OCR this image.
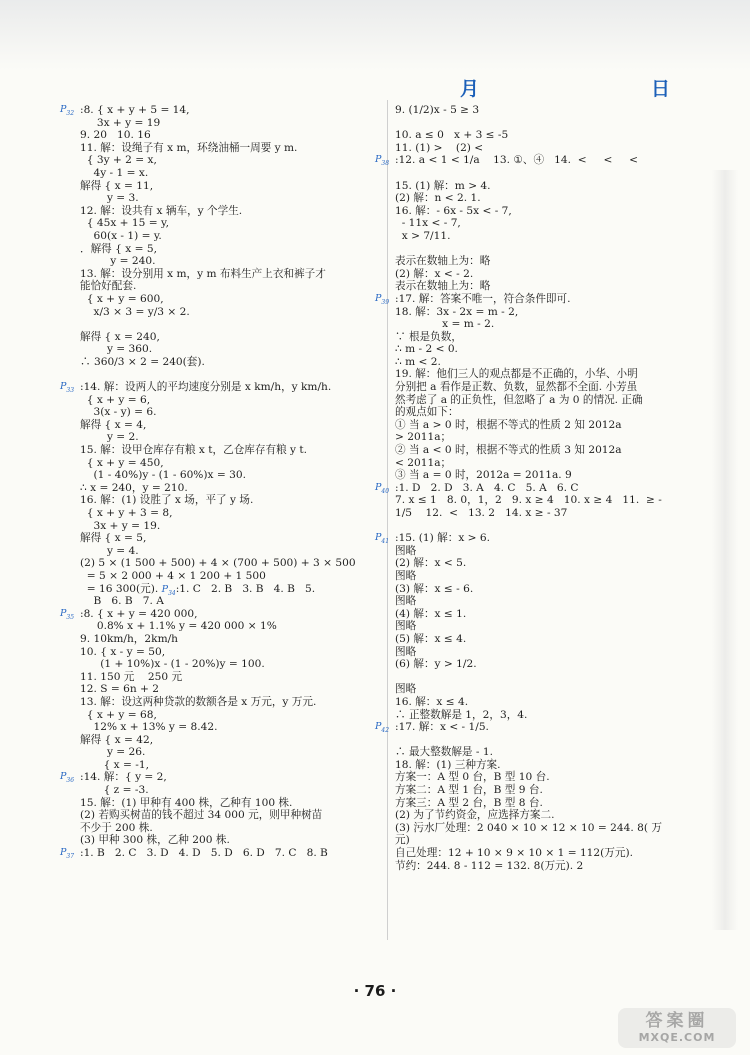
月	日
$P_{32}$ :8. { x + y + 5 = 14,
3x + y = 19
9. 20   10. 16
11. 解：设绳子有 x m，环绕油桶一周要 y m.
{ 3y + 2 = x,
4y - 1 = x.
解得 { x = 11,
y = 3.
12. 解：设共有 x 辆车，y 个学生.
{ 45x + 15 = y,
60(x - 1) = y.
．解得 { x = 5,
y = 240.
13. 解：设分别用 x m，y m 布料生产上衣和裤子才
能恰好配套.
{ x + y = 600,
x/3 × 3 = y/3 × 2.
解得 { x = 240,
y = 360.
∴ 360/3 × 2 = 240(套).
$P_{33}$ :14. 解：设两人的平均速度分别是 x km/h，y km/h.
{ x + y = 6,
3(x - y) = 6.
解得 { x = 4,
y = 2.
15. 解：设甲仓库存有粮 x t，乙仓库存有粮 y t.
{ x + y = 450,
(1 - 40%)y - (1 - 60%)x = 30.
∴ x = 240，y = 210.
16. 解：(1) 设胜了 x 场，平了 y 场.
{ x + y + 3 = 8,
3x + y = 19.
解得 { x = 5,
y = 4.
(2) 5 × (1 500 + 500) + 4 × (700 + 500) + 3 × 500
= 5 × 2 000 + 4 × 1 200 + 1 500
= 16 300(元). $P_{34}:1$. C   2. B   3. B   4. B   5.
B   6. B   7. A
$P_{35}$ :8. { x + y = 420 000,
0.8% x + 1.1% y = 420 000 × 1%
9. 10km/h，2km/h
10. { x - y = 50,
(1 + 10%)x - (1 - 20%)y = 100.
11. 150 元    250 元
12. S = 6n + 2
13. 解：设这两种贷款的数额各是 x 万元，y 万元.
{ x + y = 68,
12% x + 13% y = 8.42.
解得 { x = 42,
y = 26.
{ x = -1,
$P_{36}$ :14. 解：{ y = 2,
{ z = -3.
15. 解：(1) 甲种有 400 株，乙种有 100 株.
(2) 若购买树苗的钱不超过 34 000 元，则甲种树苗
不少于 200 株.
(3) 甲种 300 株，乙种 200 株.
$P_{37}$ :1. B   2. C   3. D   4. D   5. D   6. D   7. C   8. B
9. (1/2)x - 5 ≥ 3
10. a ≤ 0   x + 3 ≤ -5
11. (1) >    (2) <
$P_{38}$ :12. a < 1 < 1/a    13. ①、④   14.  <     <     <
15. (1) 解：m > 4.
(2) 解：n < 2. 1.
16. 解：- 6x - 5x < - 7,
- 11x < - 7,
x > 7/11.
表示在数轴上为：略
(2) 解：x < - 2.
表示在数轴上为：略
$P_{39}$ :17. 解：答案不唯一，符合条件即可.
18. 解：3x - 2x = m - 2,
x = m - 2.
∵ 根是负数，
∴ m - 2 < 0.
∴ m < 2.
19. 解：他们三人的观点都是不正确的，小华、小明
分别把 a 看作是正数、负数，显然都不全面. 小芳虽
然考虑了 a 的正负性，但忽略了 a 为 0 的情况. 正确
的观点如下：
① 当 a > 0 时，根据不等式的性质 2 知 2012a
> 2011a；
② 当 a < 0 时，根据不等式的性质 3 知 2012a
< 2011a；
③ 当 a = 0 时，2012a = 2011a. 9
$P_{40}$ :1. D   2. D   3. A   4. C   5. A   6. C
7. x ≤ 1   8. 0，1，2   9. x ≥ 4   10. x ≥ 4   11.  ≥ -
1/5    12.  <   13. 2   14. x ≥ - 37
$P_{41}$ :15. (1) 解：x > 6.
图略
(2) 解：x < 5.
图略
(3) 解：x ≤ - 6.
图略
(4) 解：x ≤ 1.
图略
(5) 解：x ≤ 4.
图略
(6) 解：y > 1/2.
图略
16. 解：x ≤ 4.
∴ 正整数解是 1，2，3，4.
$P_{42}$ :17. 解：x < - 1/5.
∴ 最大整数解是 - 1.
18. 解：(1) 三种方案.
方案一：A 型 0 台，B 型 10 台.
方案二：A 型 1 台，B 型 9 台.
方案三：A 型 2 台，B 型 8 台.
(2) 为了节约资金，应选择方案二.
(3) 污水厂处理：2 040 × 10 × 12 × 10 = 244. 8( 万
元)
自己处理：12 + 10 × 9 × 10 × 1 = 112(万元).
节约：244. 8 - 112 = 132. 8(万元). 2
· 76 ·
答案圈
MXQE.COM
